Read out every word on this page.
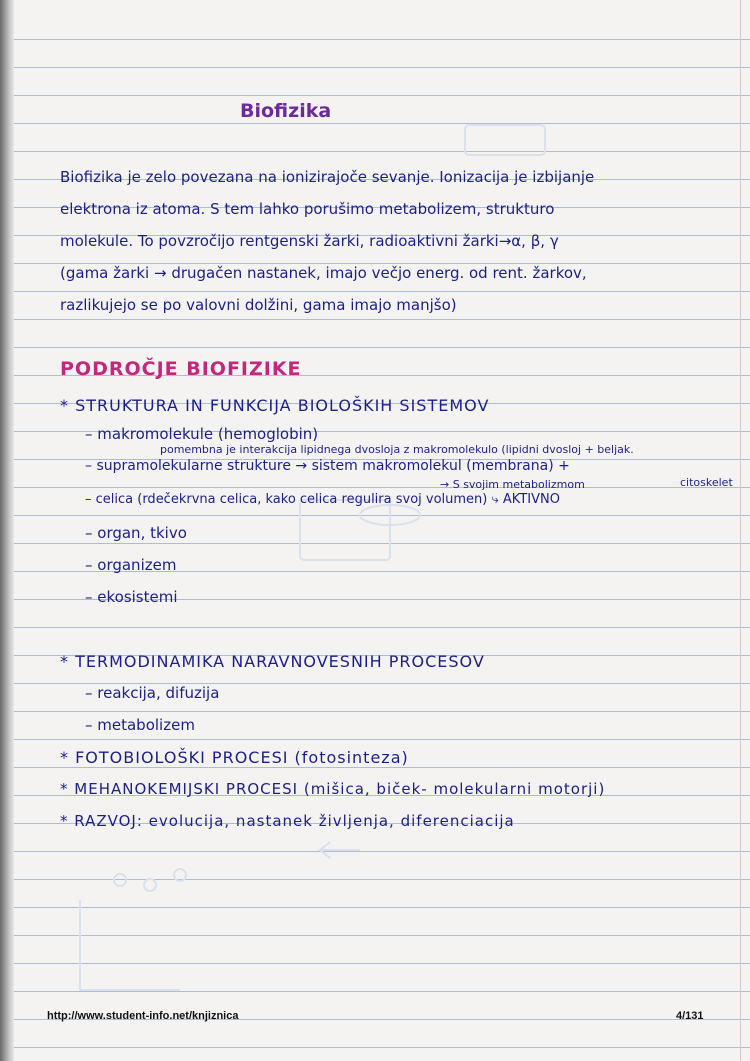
Biofizika
Biofizika je zelo povezana na ionizirajoče sevanje. Ionizacija je izbijanje
elektrona iz atoma. S tem lahko porušimo metabolizem, strukturo
molekule. To povzročijo rentgenski žarki, radioaktivni žarki→α, β, γ
(gama žarki → drugačen nastanek, imajo večjo energ. od rent. žarkov,
razlikujejo se po valovni dolžini, gama imajo manjšo)
PODROČJE BIOFIZIKE
* STRUKTURA IN FUNKCIJA BIOLOŠKIH SISTEMOV
– makromolekule (hemoglobin)
pomembna je interakcija lipidnega dvosloja z makromolekulo (lipidni dvosloj + beljak.
– supramolekularne strukture → sistem makromolekul (membrana) +
citoskelet
→ S svojim metabolizmom
– celica (rdečekrvna celica, kako celica regulira svoj volumen) ⤷ AKTIVNO
– organ, tkivo
– organizem
– ekosistemi
* TERMODINAMIKA NARAVNOVESNIH PROCESOV
– reakcija, difuzija
– metabolizem
* FOTOBIOLOŠKI PROCESI (fotosinteza)
* MEHANOKEMIJSKI PROCESI (mišica, biček- molekularni motorji)
* RAZVOJ: evolucija, nastanek življenja, diferenciacija
http://www.student-info.net/knjiznica	4/131
